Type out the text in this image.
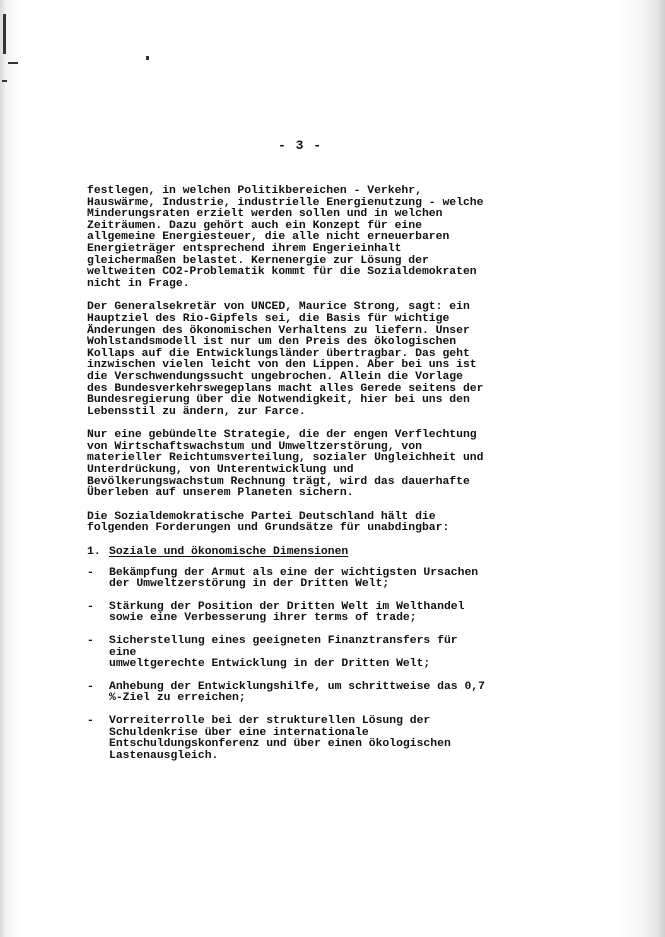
- 3 -

festlegen, in welchen Politikbereichen - Verkehr,
Hauswärme, Industrie, industrielle Energienutzung - welche
Minderungsraten erzielt werden sollen und in welchen
Zeiträumen. Dazu gehört auch ein Konzept für eine
allgemeine Energiesteuer, die alle nicht erneuerbaren
Energieträger entsprechend ihrem Engerieinhalt
gleichermaßen belastet. Kernenergie zur Lösung der
weltweiten CO2-Problematik kommt für die Sozialdemokraten
nicht in Frage.

Der Generalsekretär von UNCED, Maurice Strong, sagt: ein
Hauptziel des Rio-Gipfels sei, die Basis für wichtige
Änderungen des ökonomischen Verhaltens zu liefern. Unser
Wohlstandsmodell ist nur um den Preis des ökologischen
Kollaps auf die Entwicklungsländer übertragbar. Das geht
inzwischen vielen leicht von den Lippen. Aber bei uns ist
die Verschwendungssucht ungebrochen. Allein die Vorlage
des Bundesverkehrswegeplans macht alles Gerede seitens der
Bundesregierung über die Notwendigkeit, hier bei uns den
Lebensstil zu ändern, zur Farce.

Nur eine gebündelte Strategie, die der engen Verflechtung
von Wirtschaftswachstum und Umweltzerstörung, von
materieller Reichtumsverteilung, sozialer Ungleichheit und
Unterdrückung, von Unterentwicklung und
Bevölkerungswachstum Rechnung trägt, wird das dauerhafte
Überleben auf unserem Planeten sichern.

Die Sozialdemokratische Partei Deutschland hält die
folgenden Forderungen und Grundsätze für unabdingbar:

1. Soziale und ökonomische Dimensionen
-	Bekämpfung der Armut als eine der wichtigsten Ursachen
der Umweltzerstörung in der Dritten Welt;
-	Stärkung der Position der Dritten Welt im Welthandel
sowie eine Verbesserung ihrer terms of trade;
-	Sicherstellung eines geeigneten Finanztransfers für
eine
umweltgerechte Entwicklung in der Dritten Welt;
-	Anhebung der Entwicklungshilfe, um schrittweise das 0,7
%-Ziel zu erreichen;
-	Vorreiterrolle bei der strukturellen Lösung der
Schuldenkrise über eine internationale
Entschuldungskonferenz und über einen ökologischen
Lastenausgleich.
